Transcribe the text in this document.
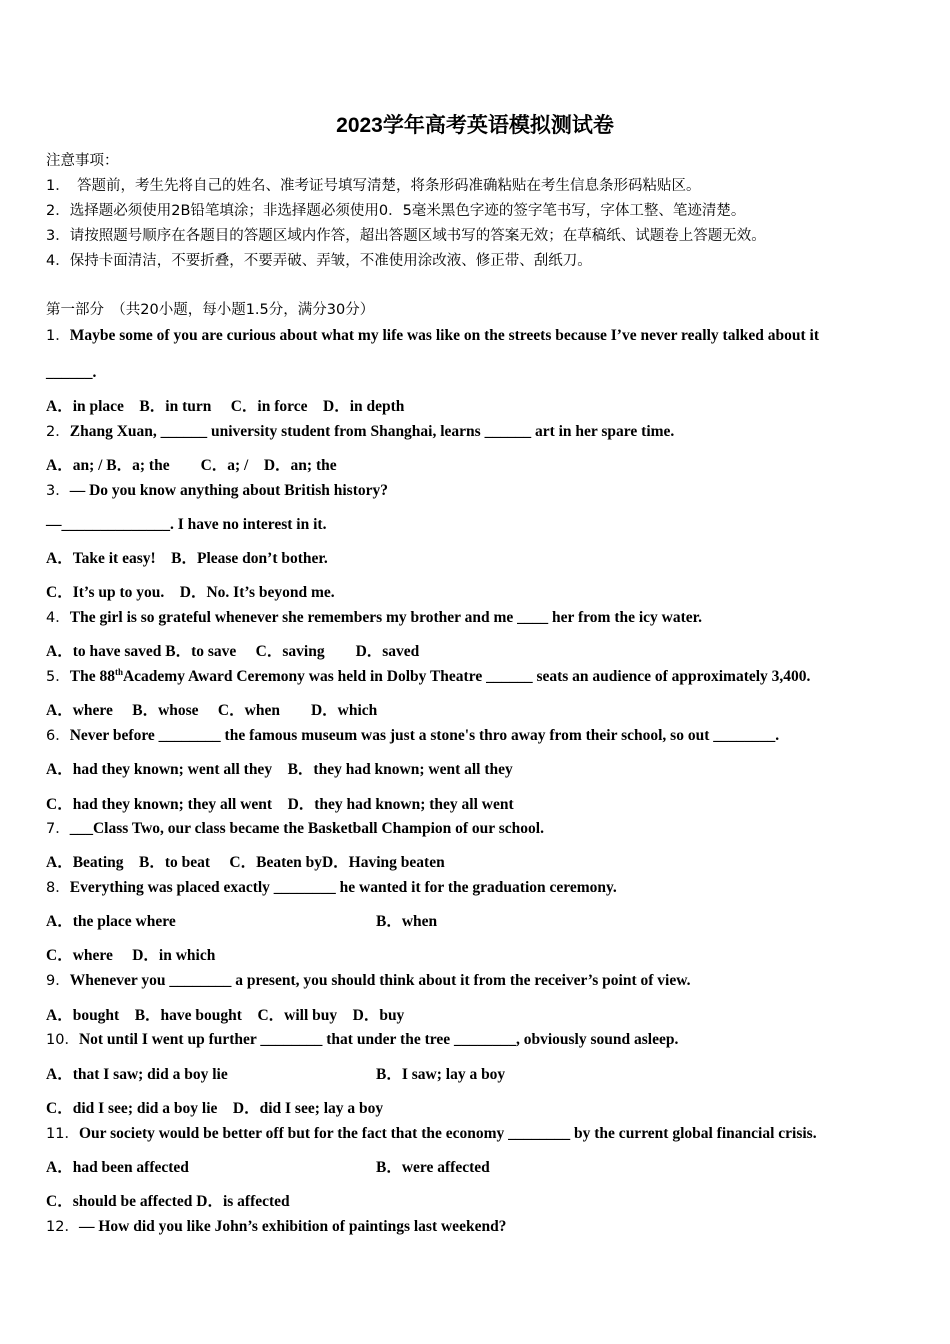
2023学年高考英语模拟测试卷
注意事项：
1．　答题前，考生先将自己的姓名、准考证号填写清楚，将条形码准确粘贴在考生信息条形码粘贴区。
2．选择题必须使用2B铅笔填涂；非选择题必须使用0．5毫米黑色字迹的签字笔书写，字体工整、笔迹清楚。
3．请按照题号顺序在各题目的答题区域内作答，超出答题区域书写的答案无效；在草稿纸、试题卷上答题无效。
4．保持卡面清洁，不要折叠，不要弄破、弄皱，不准使用涂改液、修正带、刮纸刀。
第一部分　（共20小题，每小题1.5分，满分30分）
1．Maybe some of you are curious about what my life was like on the streets because I’ve never really talked about it
______.
A．in place　B．in turn　 C．in force　D．in depth
2．Zhang Xuan, ______ university student from Shanghai, learns ______ art in her spare time.
A．an; / B．a; the　　C．a; /　D．an; the
3．— Do you know anything about British history?
—______________. I have no interest in it.
A．Take it easy!　B．Please don’t bother.
C．It’s up to you.　D．No. It’s beyond me.
4．The girl is so grateful whenever she remembers my brother and me ____ her from the icy water.
A．to have saved B．to save　 C．saving　　D．saved
5．The 88thAcademy Award Ceremony was held in Dolby Theatre ______ seats an audience of approximately 3,400.
A．where　 B．whose　 C．when　　D．which
6．Never before ________ the famous museum was just a stone's thro away from their school, so out ________.
A．had they known; went all they　B．they had known; went all they
C．had they known; they all went　D．they had known; they all went
7．___Class Two, our class became the Basketball Champion of our school.
A．Beating　B．to beat　 C．Beaten byD．Having beaten
8．Everything was placed exactly ________ he wanted it for the graduation ceremony.
A．the place where	B．when
C．where　 D．in which
9．Whenever you ________ a present, you should think about it from the receiver’s point of view.
A．bought　B．have bought　C．will buy　D．buy
10．Not until I went up further ________ that under the tree ________, obviously sound asleep.
A．that I saw; did a boy lie	B．I saw; lay a boy
C．did I see; did a boy lie　D．did I see; lay a boy
11．Our society would be better off but for the fact that the economy ________ by the current global financial crisis.
A．had been affected	B．were affected
C．should be affected D．is affected
12．— How did you like John’s exhibition of paintings last weekend?
